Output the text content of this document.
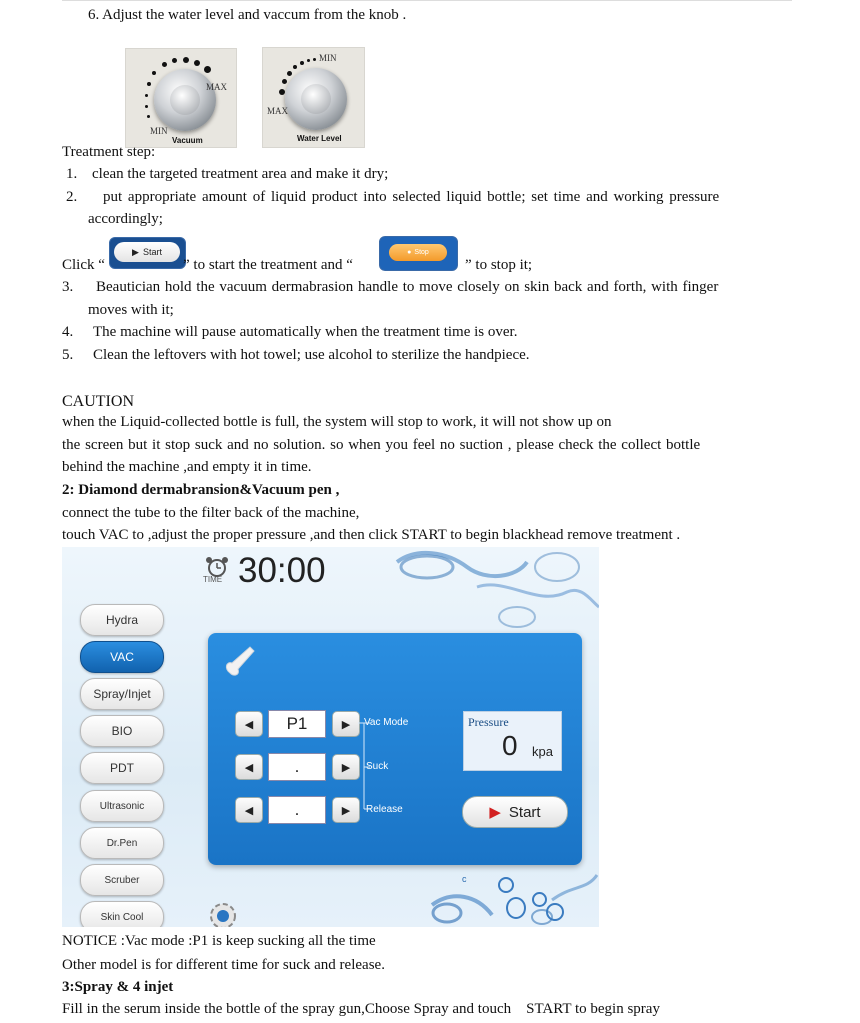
6. Adjust the water level and vaccum from the knob .
MAX
MIN
Vacuum
MIN
MAX
Water Level
Treatment step:
1. clean the targeted treatment area and make it dry;
2. put appropriate amount of liquid product into selected liquid bottle; set time and working pressure
accordingly;
Click “
▶ Start
” to start the treatment and “
● Stop
” to stop it;
3. Beautician hold the vacuum dermabrasion handle to move closely on skin back and forth, with finger
moves with it;
4. The machine will pause automatically when the treatment time is over.
5. Clean the leftovers with hot towel; use alcohol to sterilize the handpiece.
CAUTION
when the Liquid-collected bottle is full, the system will stop to work, it will not show up on
the screen but it stop suck and no solution. so when you feel no suction , please check the collect bottle
behind the machine ,and empty it in time.
2: Diamond dermabransion&Vacuum pen ,
connect the tube to the filter back of the machine,
touch VAC to ,adjust the proper pressure ,and then click START to begin blackhead remove treatment .
c
TIME 30:00
Hydra
VAC
Spray/Injet
BIO
PDT
Ultrasonic
Dr.Pen
Scruber
Skin Cool
◀	P1	▶ Vac Mode
◀	.	▶ Suck
◀	.	▶ Release
Pressure
0 kpa
▶ Start
NOTICE :Vac mode :P1 is keep sucking all the time
Other model is for different time for suck and release.
3:Spray & 4 injet
Fill in the serum inside the bottle of the spray gun,Choose Spray and touch    START to begin spray
